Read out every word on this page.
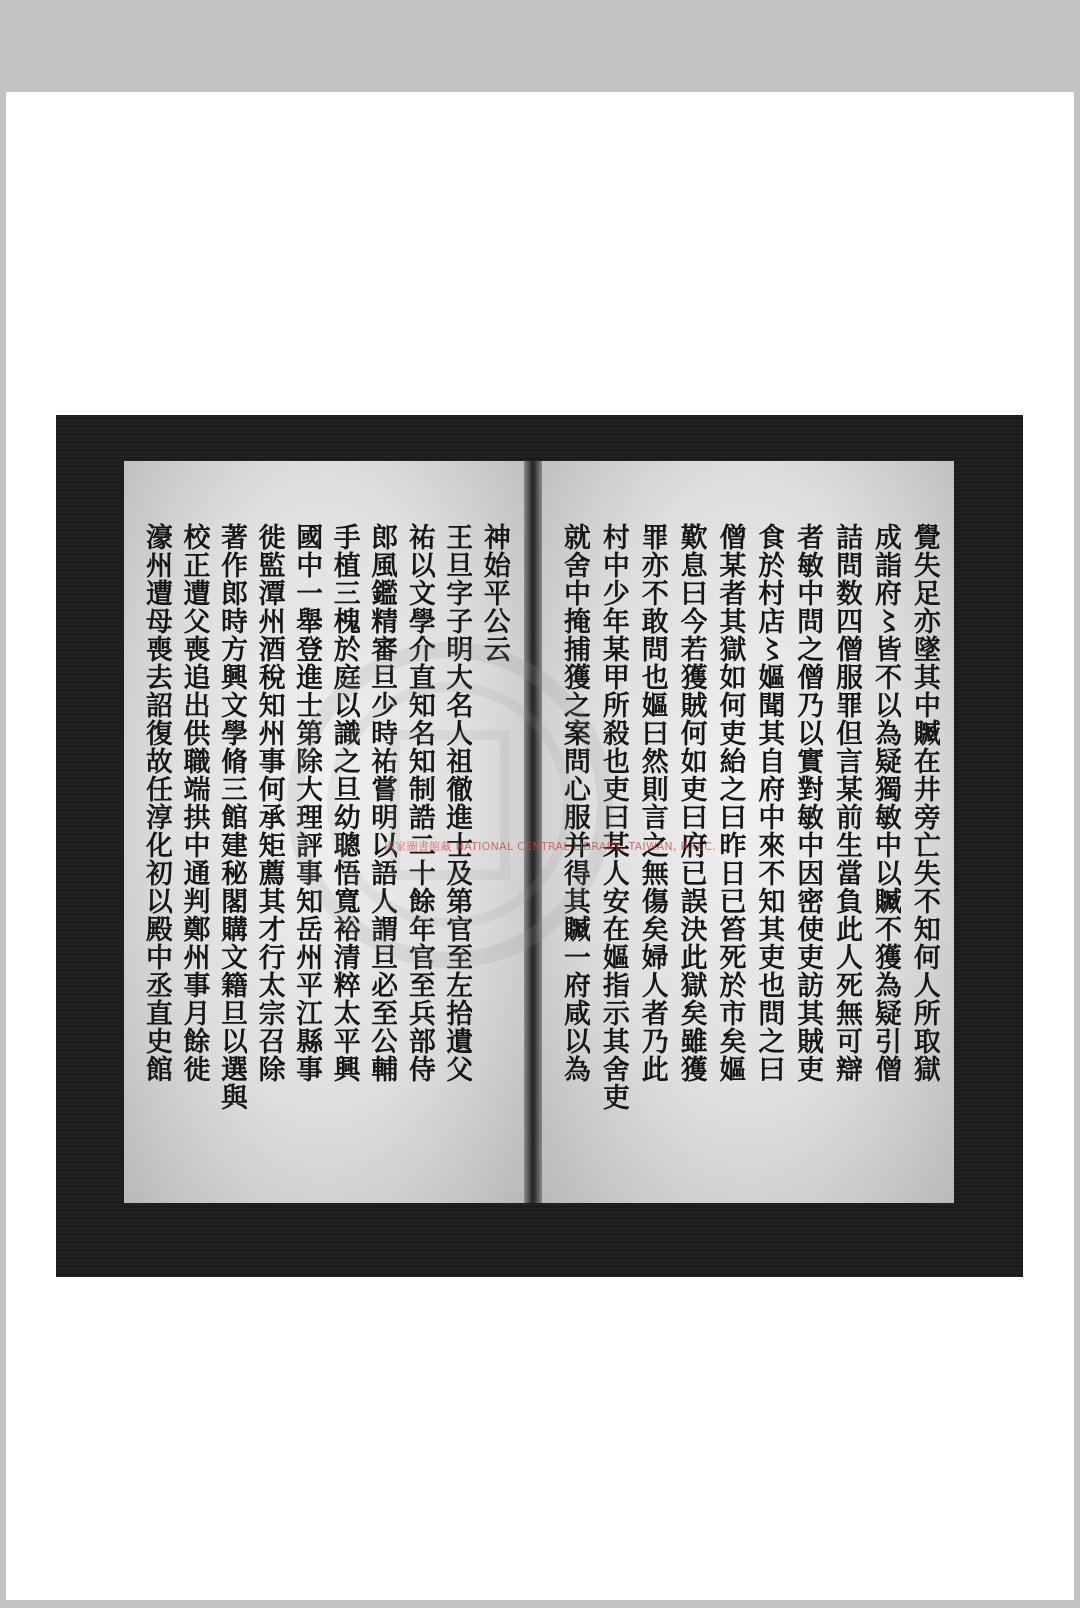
覺失足亦墜其中贓在井旁亡失不知何人所取獄
成詣府〻皆不以為疑獨敏中以贓不獲為疑引僧
詰問数四僧服罪但言某前生當負此人死無可辯
者敏中問之僧乃以實對敏中因密使吏訪其賊吏
食於村店〻嫗聞其自府中來不知其吏也問之曰
僧某者其獄如何吏紿之曰昨日已笞死於市矣嫗
歎息曰今若獲賊何如吏曰府已誤決此獄矣雖獲
罪亦不敢問也嫗曰然則言之無傷矣婦人者乃此
村中少年某甲所殺也吏曰某人安在嫗指示其舍吏
就舍中掩捕獲之案問心服并得其贓一府咸以為
神始平公云
王旦字子明大名人祖徹進士及第官至左拾遺父
祐以文學介直知名知制誥二十餘年官至兵部侍
郎風鑑精審旦少時祐嘗明以語人謂旦必至公輔
手植三槐於庭以識之旦幼聰悟寬裕清粹太平興
國中一舉登進士第除大理評事知岳州平江縣事
徙監潭州酒稅知州事何承矩薦其才行太宗召除
著作郎時方興文學脩三館建秘閣購文籍旦以選與
校正遭父喪追出供職端拱中通判鄭州事月餘徙
濠州遭母喪去詔復故任淳化初以殿中丞直史館	國家圖書館藏 NATIONAL CENTRAL LIBRARY, TAIWAN, R.O.C.
